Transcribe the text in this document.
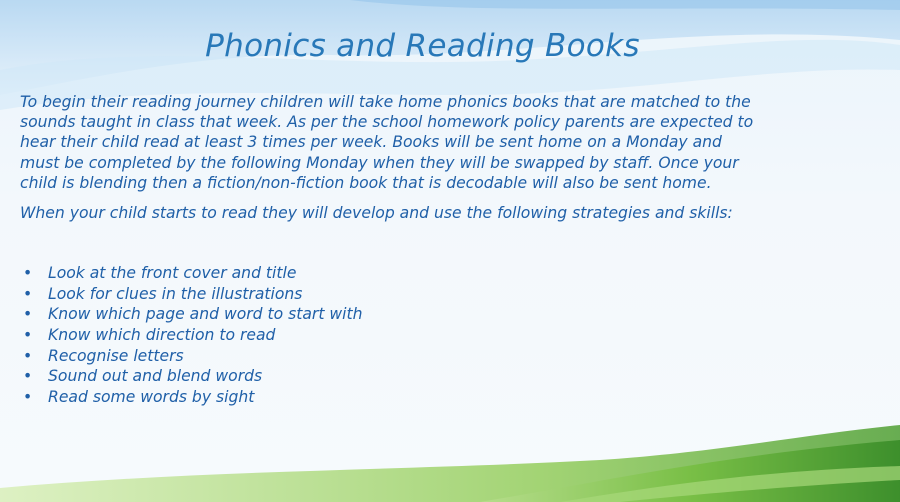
Phonics and Reading Books

To begin their reading journey children will take home phonics books that are matched to the
sounds taught in class that week. As per the school homework policy parents are expected to
hear their child read at least 3 times per week. Books will be sent home on a Monday and
must be completed by the following Monday when they will be swapped by staff. Once your
child is blending then a fiction/non-fiction book that is decodable will also be sent home.

When your child starts to read they will develop and use the following strategies and skills:

• Look at the front cover and title
• Look for clues in the illustrations
• Know which page and word to start with
• Know which direction to read
• Recognise letters
• Sound out and blend words
• Read some words by sight
